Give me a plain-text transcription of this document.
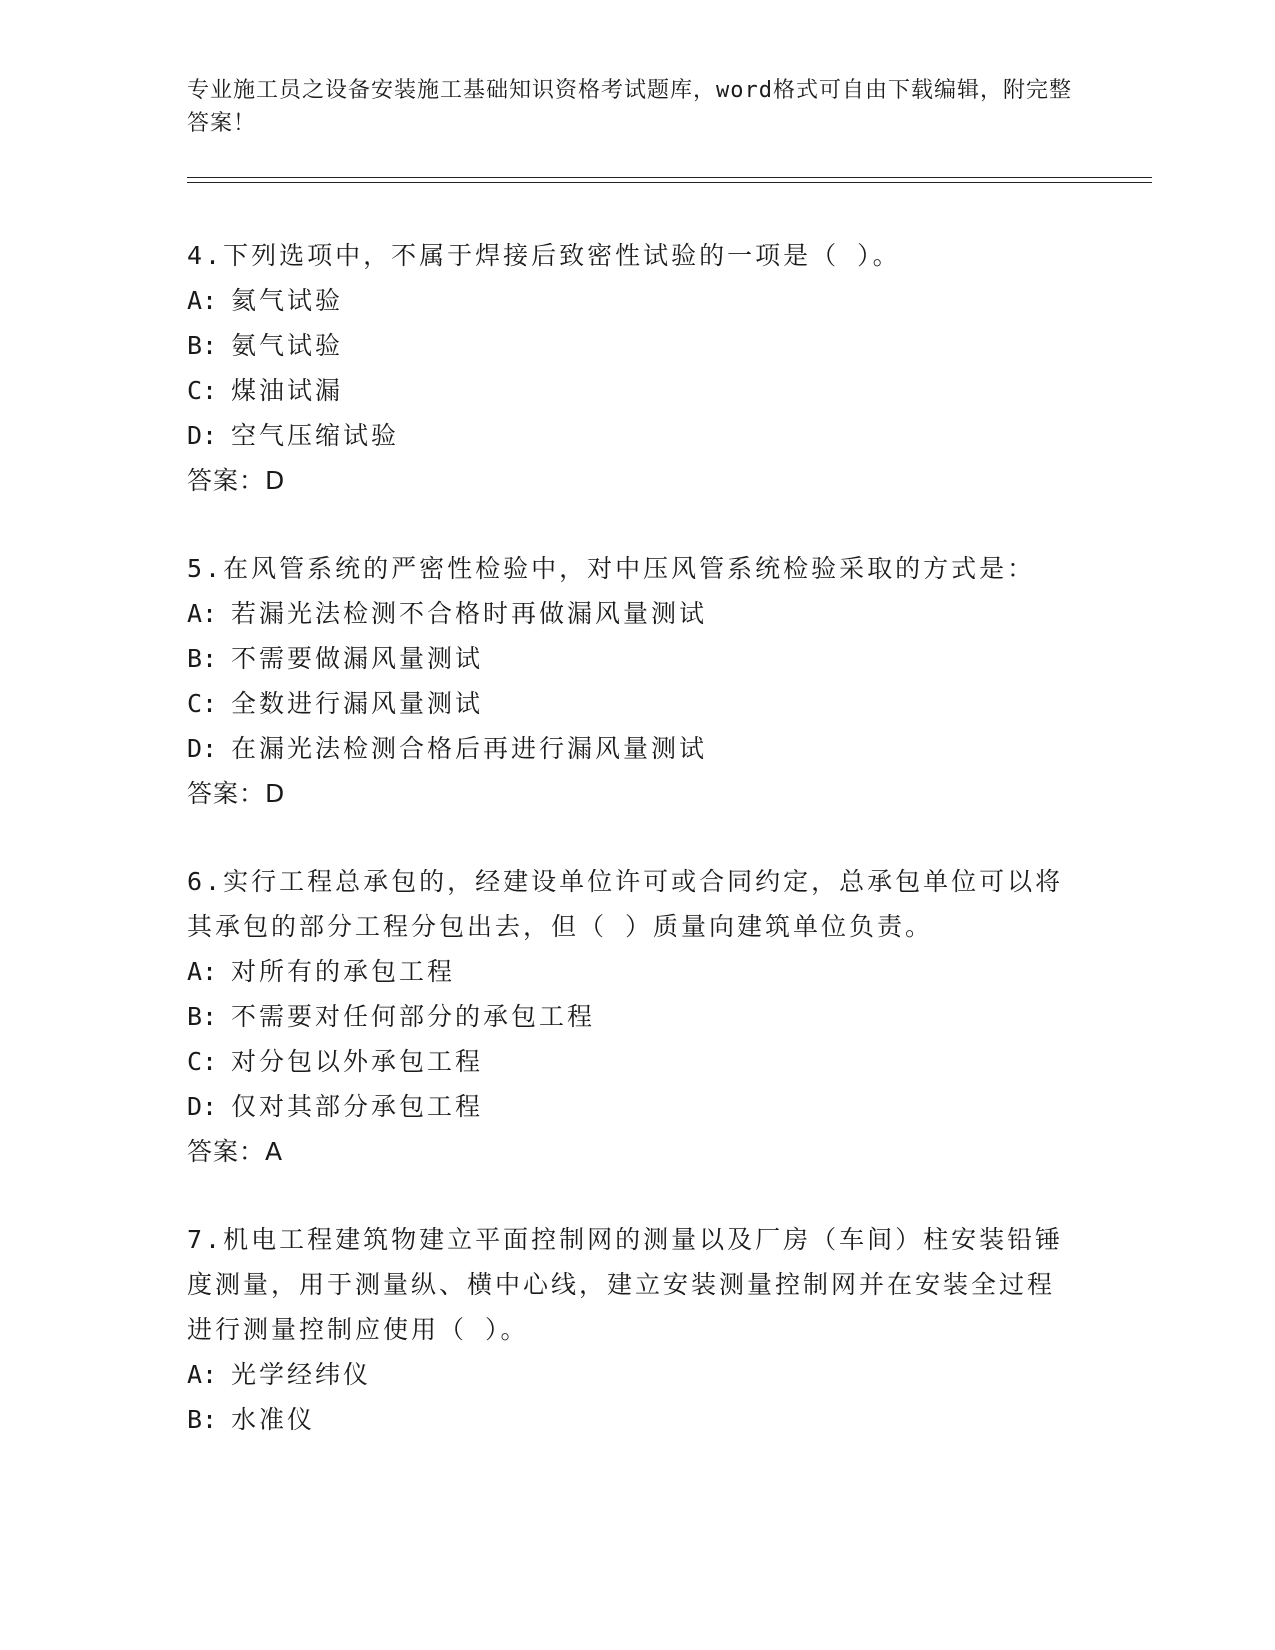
专业施工员之设备安装施工基础知识资格考试题库，word格式可自由下载编辑，附完整答案！
4.下列选项中，不属于焊接后致密性试验的一项是（ ）。
A: 氦气试验
B: 氨气试验
C: 煤油试漏
D: 空气压缩试验
答案：D
5.在风管系统的严密性检验中，对中压风管系统检验采取的方式是：
A: 若漏光法检测不合格时再做漏风量测试
B: 不需要做漏风量测试
C: 全数进行漏风量测试
D: 在漏光法检测合格后再进行漏风量测试
答案：D
6.实行工程总承包的，经建设单位许可或合同约定，总承包单位可以将其承包的部分工程分包出去，但（ ）质量向建筑单位负责。
A: 对所有的承包工程
B: 不需要对任何部分的承包工程
C: 对分包以外承包工程
D: 仅对其部分承包工程
答案：A
7.机电工程建筑物建立平面控制网的测量以及厂房（车间）柱安装铅锤度测量，用于测量纵、横中心线，建立安装测量控制网并在安装全过程进行测量控制应使用（ ）。
A: 光学经纬仪
B: 水准仪
